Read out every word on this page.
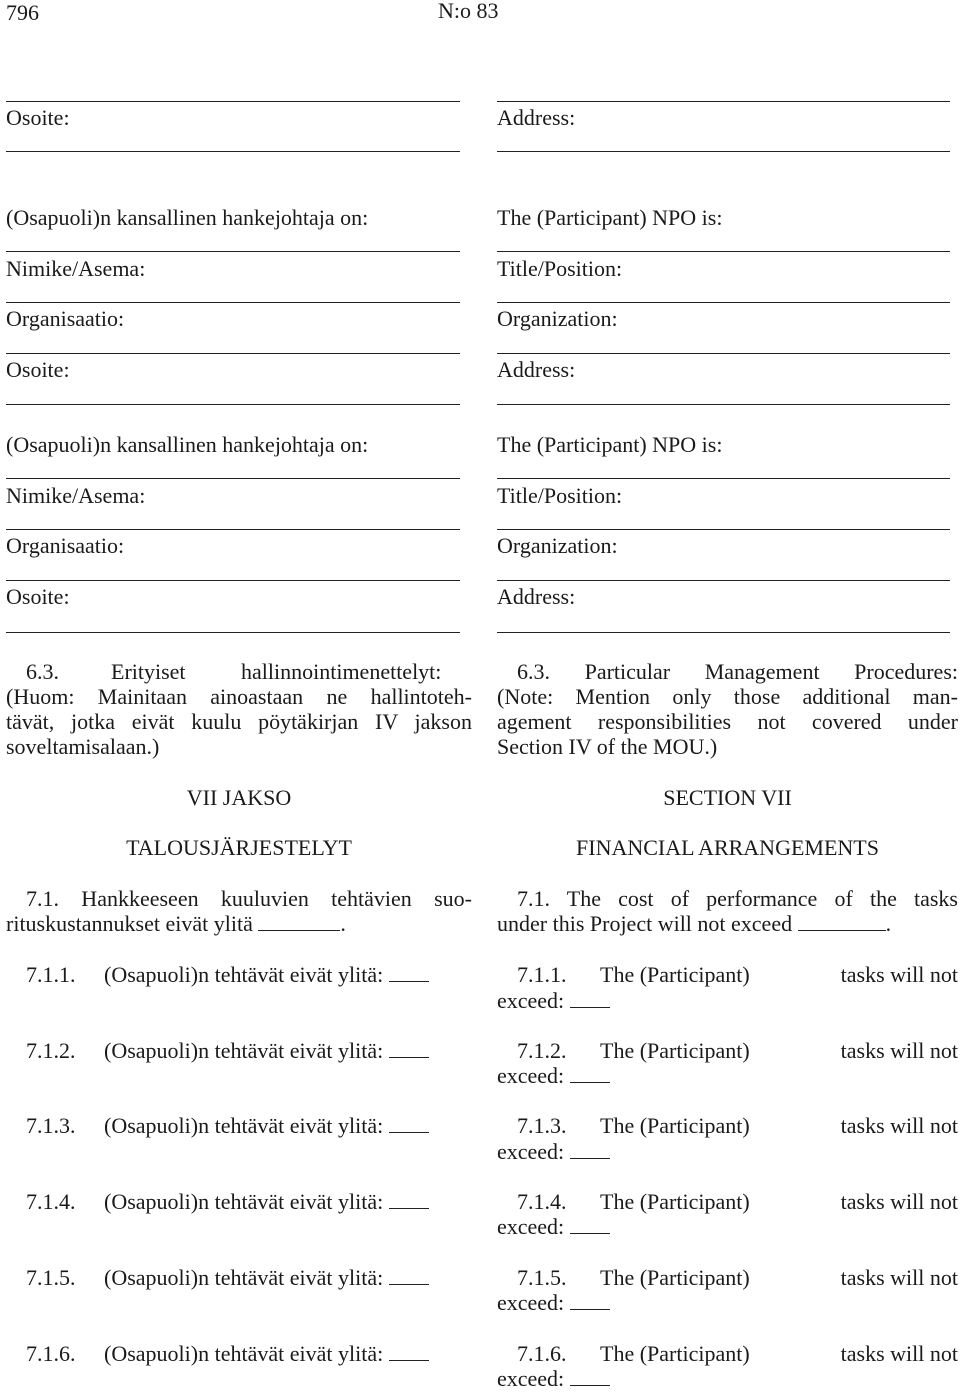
796	N:o 83
Osoite:
(Osapuoli)n kansallinen hankejohtaja on:
Nimike/Asema:
Organisaatio:
Osoite:
(Osapuoli)n kansallinen hankejohtaja on:
Nimike/Asema:
Organisaatio:
Osoite:
6.3. Erityiset	hallinnointimenettelyt:
(Huom: Mainitaan ainoastaan ne hallintoteh-
tävät, jotka eivät kuulu pöytäkirjan IV jakson
soveltamisalaan.)
VII JAKSO
TALOUSJÄRJESTELYT
7.1. Hankkeeseen kuuluvien tehtävien suo-
rituskustannukset eivät ylitä	.
7.1.1. (Osapuoli)n tehtävät eivät ylitä:
7.1.2. (Osapuoli)n tehtävät eivät ylitä:
7.1.3. (Osapuoli)n tehtävät eivät ylitä:
7.1.4. (Osapuoli)n tehtävät eivät ylitä:
7.1.5. (Osapuoli)n tehtävät eivät ylitä:
7.1.6. (Osapuoli)n tehtävät eivät ylitä:
Address:
The (Participant) NPO is:
Title/Position:
Organization:
Address:
The (Participant) NPO is:
Title/Position:
Organization:
Address:
6.3. Particular Management Procedures:
(Note: Mention only those additional man-
agement responsibilities not covered under
Section IV of the MOU.)
SECTION VII
FINANCIAL ARRANGEMENTS
7.1. The cost of performance of the tasks
under this Project will not exceed	.
7.1.1. The (Participant)	tasks will not
exceed:
7.1.2. The (Participant)	tasks will not
exceed:
7.1.3. The (Participant)	tasks will not
exceed:
7.1.4. The (Participant)	tasks will not
exceed:
7.1.5. The (Participant)	tasks will not
exceed:
7.1.6. The (Participant)	tasks will not
exceed:
